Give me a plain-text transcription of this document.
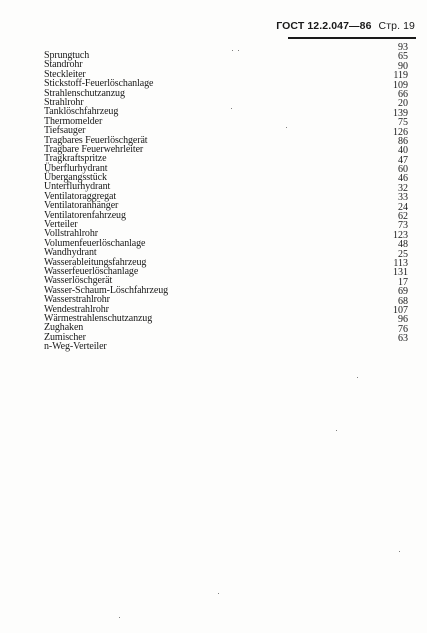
ГОСТ 12.2.047—86 Стр. 19
Sprungtuch
93
Standrohr
65
Steckleiter
90
Stickstoff-Feuerlöschanlage
119
Strahlenschutzanzug
109
Strahlrohr
66
Tanklöschfahrzeug
20
Thermomelder
139
Tiefsauger
75
Tragbares Feuerlöschgerät
126
Tragbare Feuerwehrleiter
86
Tragkraftspritze
40
Überflurhydrant
47
Übergangsstück
60
Unterflurhydrant
46
Ventilatoraggregat
32
Ventilatoranhänger
33
Ventilatorenfahrzeug
24
Verteiler
62
Vollstrahlrohr
73
Volumenfeuerlöschanlage
123
Wandhydrant
48
Wasserableitungsfahrzeug
25
Wasserfeuerlöschanlage
113
Wasserlöschgerät
131
Wasser-Schaum-Löschfahrzeug
17
Wasserstrahlrohr
69
Wendestrahlrohr
68
Wärmestrahlenschutzanzug
107
Zughaken
96
Zumischer
76
n-Weg-Verteiler
63
